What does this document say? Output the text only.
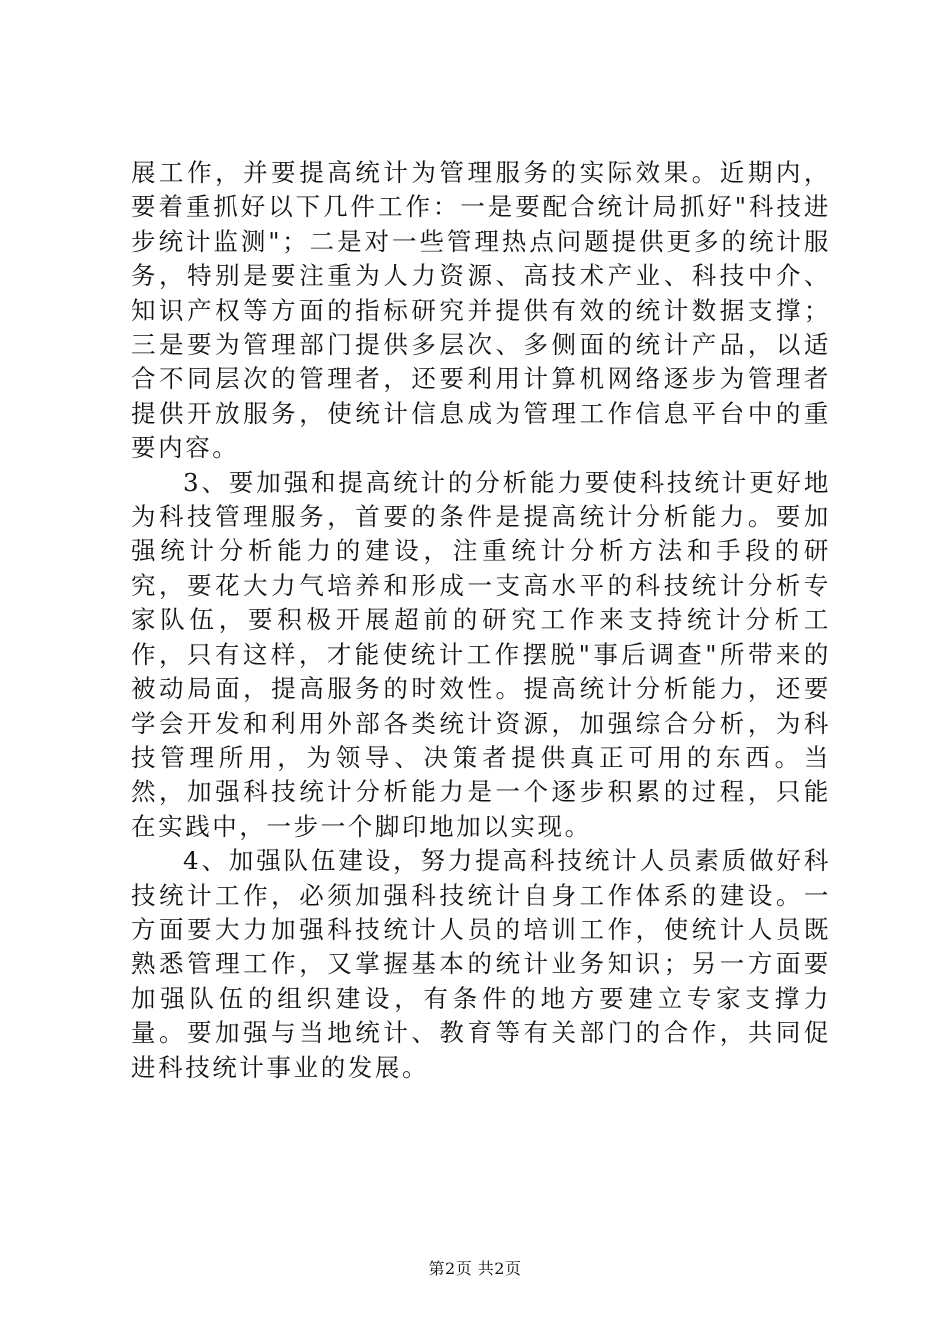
展工作，并要提高统计为管理服务的实际效果。近期内，要着重抓好以下几件工作：一是要配合统计局抓好"科技进步统计监测"；二是对一些管理热点问题提供更多的统计服务，特别是要注重为人力资源、高技术产业、科技中介、知识产权等方面的指标研究并提供有效的统计数据支撑；三是要为管理部门提供多层次、多侧面的统计产品，以适合不同层次的管理者，还要利用计算机网络逐步为管理者提供开放服务，使统计信息成为管理工作信息平台中的重要内容。

3、要加强和提高统计的分析能力要使科技统计更好地为科技管理服务，首要的条件是提高统计分析能力。要加强统计分析能力的建设，注重统计分析方法和手段的研究，要花大力气培养和形成一支高水平的科技统计分析专家队伍，要积极开展超前的研究工作来支持统计分析工作，只有这样，才能使统计工作摆脱"事后调查"所带来的被动局面，提高服务的时效性。提高统计分析能力，还要学会开发和利用外部各类统计资源，加强综合分析，为科技管理所用，为领导、决策者提供真正可用的东西。当然，加强科技统计分析能力是一个逐步积累的过程，只能在实践中，一步一个脚印地加以实现。

4、加强队伍建设，努力提高科技统计人员素质做好科技统计工作，必须加强科技统计自身工作体系的建设。一方面要大力加强科技统计人员的培训工作，使统计人员既熟悉管理工作，又掌握基本的统计业务知识；另一方面要加强队伍的组织建设，有条件的地方要建立专家支撑力量。要加强与当地统计、教育等有关部门的合作，共同促进科技统计事业的发展。

第2页 共2页
